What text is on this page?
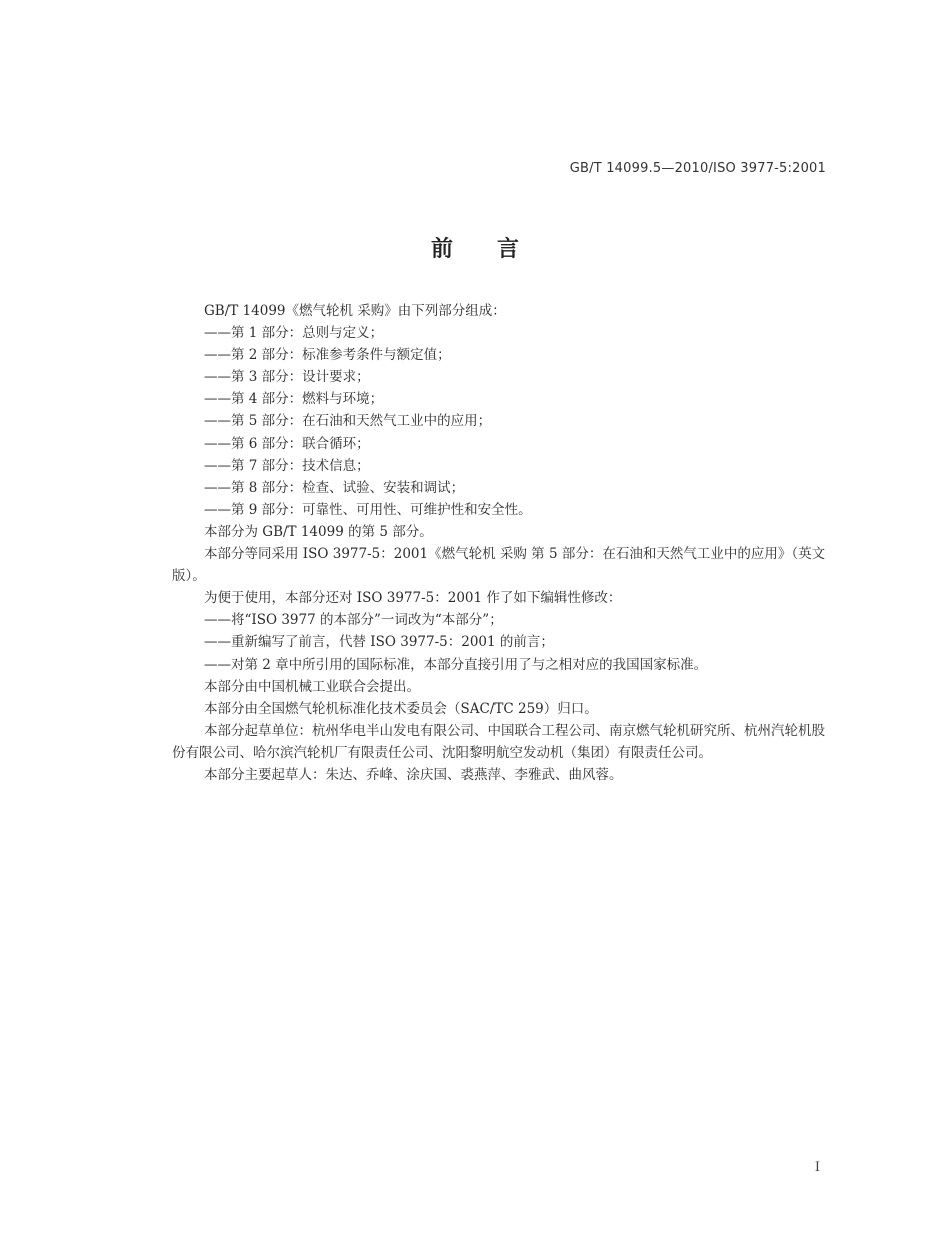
GB/T 14099.5—2010/ISO 3977-5:2001
前 言
GB/T 14099《燃气轮机 采购》由下列部分组成：
——第 1 部分：总则与定义；
——第 2 部分：标准参考条件与额定值；
——第 3 部分：设计要求；
——第 4 部分：燃料与环境；
——第 5 部分：在石油和天然气工业中的应用；
——第 6 部分：联合循环；
——第 7 部分：技术信息；
——第 8 部分：检查、试验、安装和调试；
——第 9 部分：可靠性、可用性、可维护性和安全性。
本部分为 GB/T 14099 的第 5 部分。
本部分等同采用 ISO 3977-5：2001《燃气轮机 采购 第 5 部分：在石油和天然气工业中的应用》（英文版）。
为便于使用，本部分还对 ISO 3977-5：2001 作了如下编辑性修改：
——将“ISO 3977 的本部分”一词改为“本部分”；
——重新编写了前言，代替 ISO 3977-5：2001 的前言；
——对第 2 章中所引用的国际标准，本部分直接引用了与之相对应的我国国家标准。
本部分由中国机械工业联合会提出。
本部分由全国燃气轮机标准化技术委员会（SAC/TC 259）归口。
本部分起草单位：杭州华电半山发电有限公司、中国联合工程公司、南京燃气轮机研究所、杭州汽轮机股份有限公司、哈尔滨汽轮机厂有限责任公司、沈阳黎明航空发动机（集团）有限责任公司。
本部分主要起草人：朱达、乔峰、涂庆国、裘燕萍、李雅武、曲风蓉。
I
